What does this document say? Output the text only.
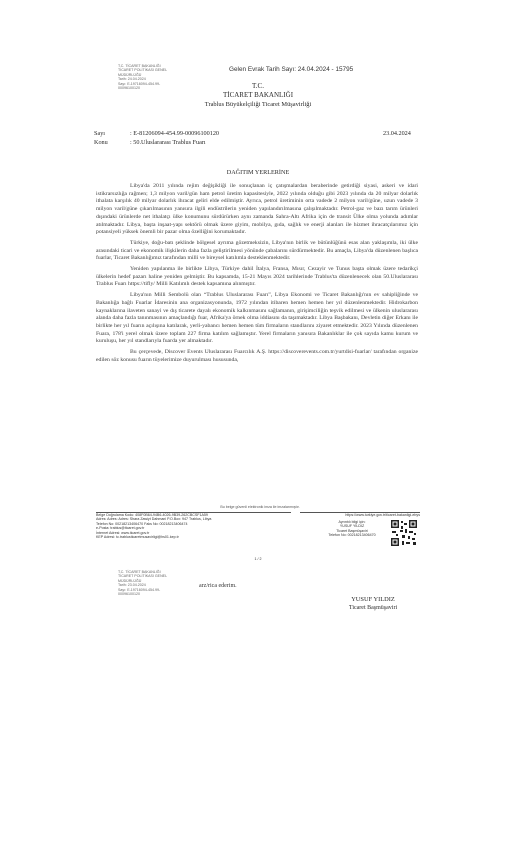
T.C. TİCARET BAKANLIĞI
TİCARET POLİTİKASI GENEL
MÜDÜRLÜĞÜ
Tarih: 24.04.2024
Sayı: E-19716094-454.99-
00096100120
Gelen Evrak Tarih Sayı: 24.04.2024 - 15795
T.C.
TİCARET BAKANLIĞI
Trablus Büyükelçiliği Ticaret Müşavirliği
Sayı	: E-81206094-454.99-00096100120
Konu	: 50.Uluslararası Trablus Fuarı
23.04.2024
DAĞITIM YERLERİNE

Libya'da 2011 yılında rejim değişikliği ile sonuçlanan iç çatışmalardan beraberinde getirdiği siyasi, askeri ve idari istikrarsızlığa rağmen; 1,3 milyon varil/gün ham petrol üretim kapasitesiyle, 2022 yılında olduğu gibi 2023 yılında da 20 milyar dolarlık ithalata karşılık 40 milyar dolarlık ihracat geliri elde edilmiştir. Ayrıca, petrol üretiminin orta vadede 2 milyon varil/güne, uzun vadede 3 milyon varil/güne çıkarılmasının yanısıra ilgili endüstrilerin yeniden yapılandırılmasına çalışılmaktadır. Petrol-gaz ve bazı tarım ürünleri dışındaki ürünlerde net ithalatçı ülke konumunu sürdürürken aynı zamanda Sahra-Altı Afrika için de transit Ülke olma yolunda adımlar atılmaktadır. Libya, başta inşaat-yapı sektörü olmak üzere giyim, mobilya, gıda, sağlık ve enerji alanları ile hizmet ihracatçılarımız için potansiyeli yüksek önemli bir pazar olma özelliğini korumaktadır.

Türkiye, doğu-batı şeklinde bölgesel ayrıma gözetmeksizin, Libya'nın birlik ve bütünlüğünü esas alan yaklaşımla, iki ülke arasındaki ticari ve ekonomik ilişkilerin daha fazla geliştirilmesi yönünde çabalarını sürdürmektedir. Bu amaçla, Libya'da düzenlenen başlıca fuarlar, Ticaret Bakanlığımız tarafından milli ve bireysel katılımla desteklenmektedir.

Yeniden yapılanma ile birlikte Libya, Türkiye dahil İtalya, Fransa, Mısır, Cezayir ve Tunus başta olmak üzere tedarikçi ülkelerin hedef pazarı haline yeniden gelmiştir. Bu kapsamda, 15-21 Mayıs 2024 tarihlerinde Trablus'ta düzenlenecek olan 50.Uluslararası Trablus Fuarı https://tifly/ Milli Katılımlı destek kapsamına alınmıştır.

Libya'nın Milli Sembolü olan “Trablus Uluslararası Fuarı”, Libya Ekonomi ve Ticaret Bakanlığı'nın ev sahipliğinde ve Bakanlığa bağlı Fuarlar İdaresinin ana organizasyonunda, 1972 yılından itibaren hemen hemen her yıl düzenlenmektedir. Hidrokarbon kaynaklarına ilaveten sanayi ve dış ticarete dayalı ekonomik kalkınmasını sağlamanın, girişimciliğin teşvik edilmesi ve ülkenin uluslararası alanda daha fazla tanınmasının amaçlandığı fuar, Afrika'ya örnek olma iddiasını da taşımaktadır. Libya Başbakanı, Devletin diğer Erkanı ile birlikte her yıl fuarın açılışına katılarak, yerli-yabancı hemen hemen tüm firmaların standlarını ziyaret etmektedir. 2023 Yılında düzenlenen Fuara, 178'i yerel olmak üzere toplam 227 firma katılım sağlamıştır. Yerel firmaların yanısıra Bakanlıklar ile çok sayıda kamu kurum ve kuruluşu, her yıl standlarıyla fuarda yer almaktadır.

Bu çerçevede, Discover Events Uluslararası Fuarcılık A.Ş. https://discoverevents.com.tr/yurtdisi-fuarlar/ tarafından organize edilen söz konusu fuarın tüyelerimize duyurulması hususunda,

Bu belge güvenli elektronik imza ile imzalanmıştır.
Belge Doğrulama Kodu: 408F0B64-94B6-4026-9B39-262CBCSF1A59
Adres: Adres: Adres: Shara Zawiyt Dahmani P.O.Box: 947 Trablus, Libya
Telefon No: 00218213406470 Faks No: 00218213406474
e-Posta: trablus@ticaret.gov.tr
İnternet Adresi: www.ticaret.gov.tr
KEP Adresi: tc.trablusticaretmusavirligi@hs01.kep.tr
https://www.turkiye.gov.tr/ticaret-bakanligi-ebys
Ayrıntılı bilgi için:
YUSUF YILDIZ
Ticaret Başmüşaviri
Telefon No: 00218213406470
1 / 2
T.C. TİCARET BAKANLIĞI
TİCARET POLİTİKASI GENEL
MÜDÜRLÜĞÜ
Tarih: 23.04.2024
Sayı: E-19716094-454.99-
00096100120
arz/rica ederim.
YUSUF YILDIZ
Ticaret Başmüşaviri
